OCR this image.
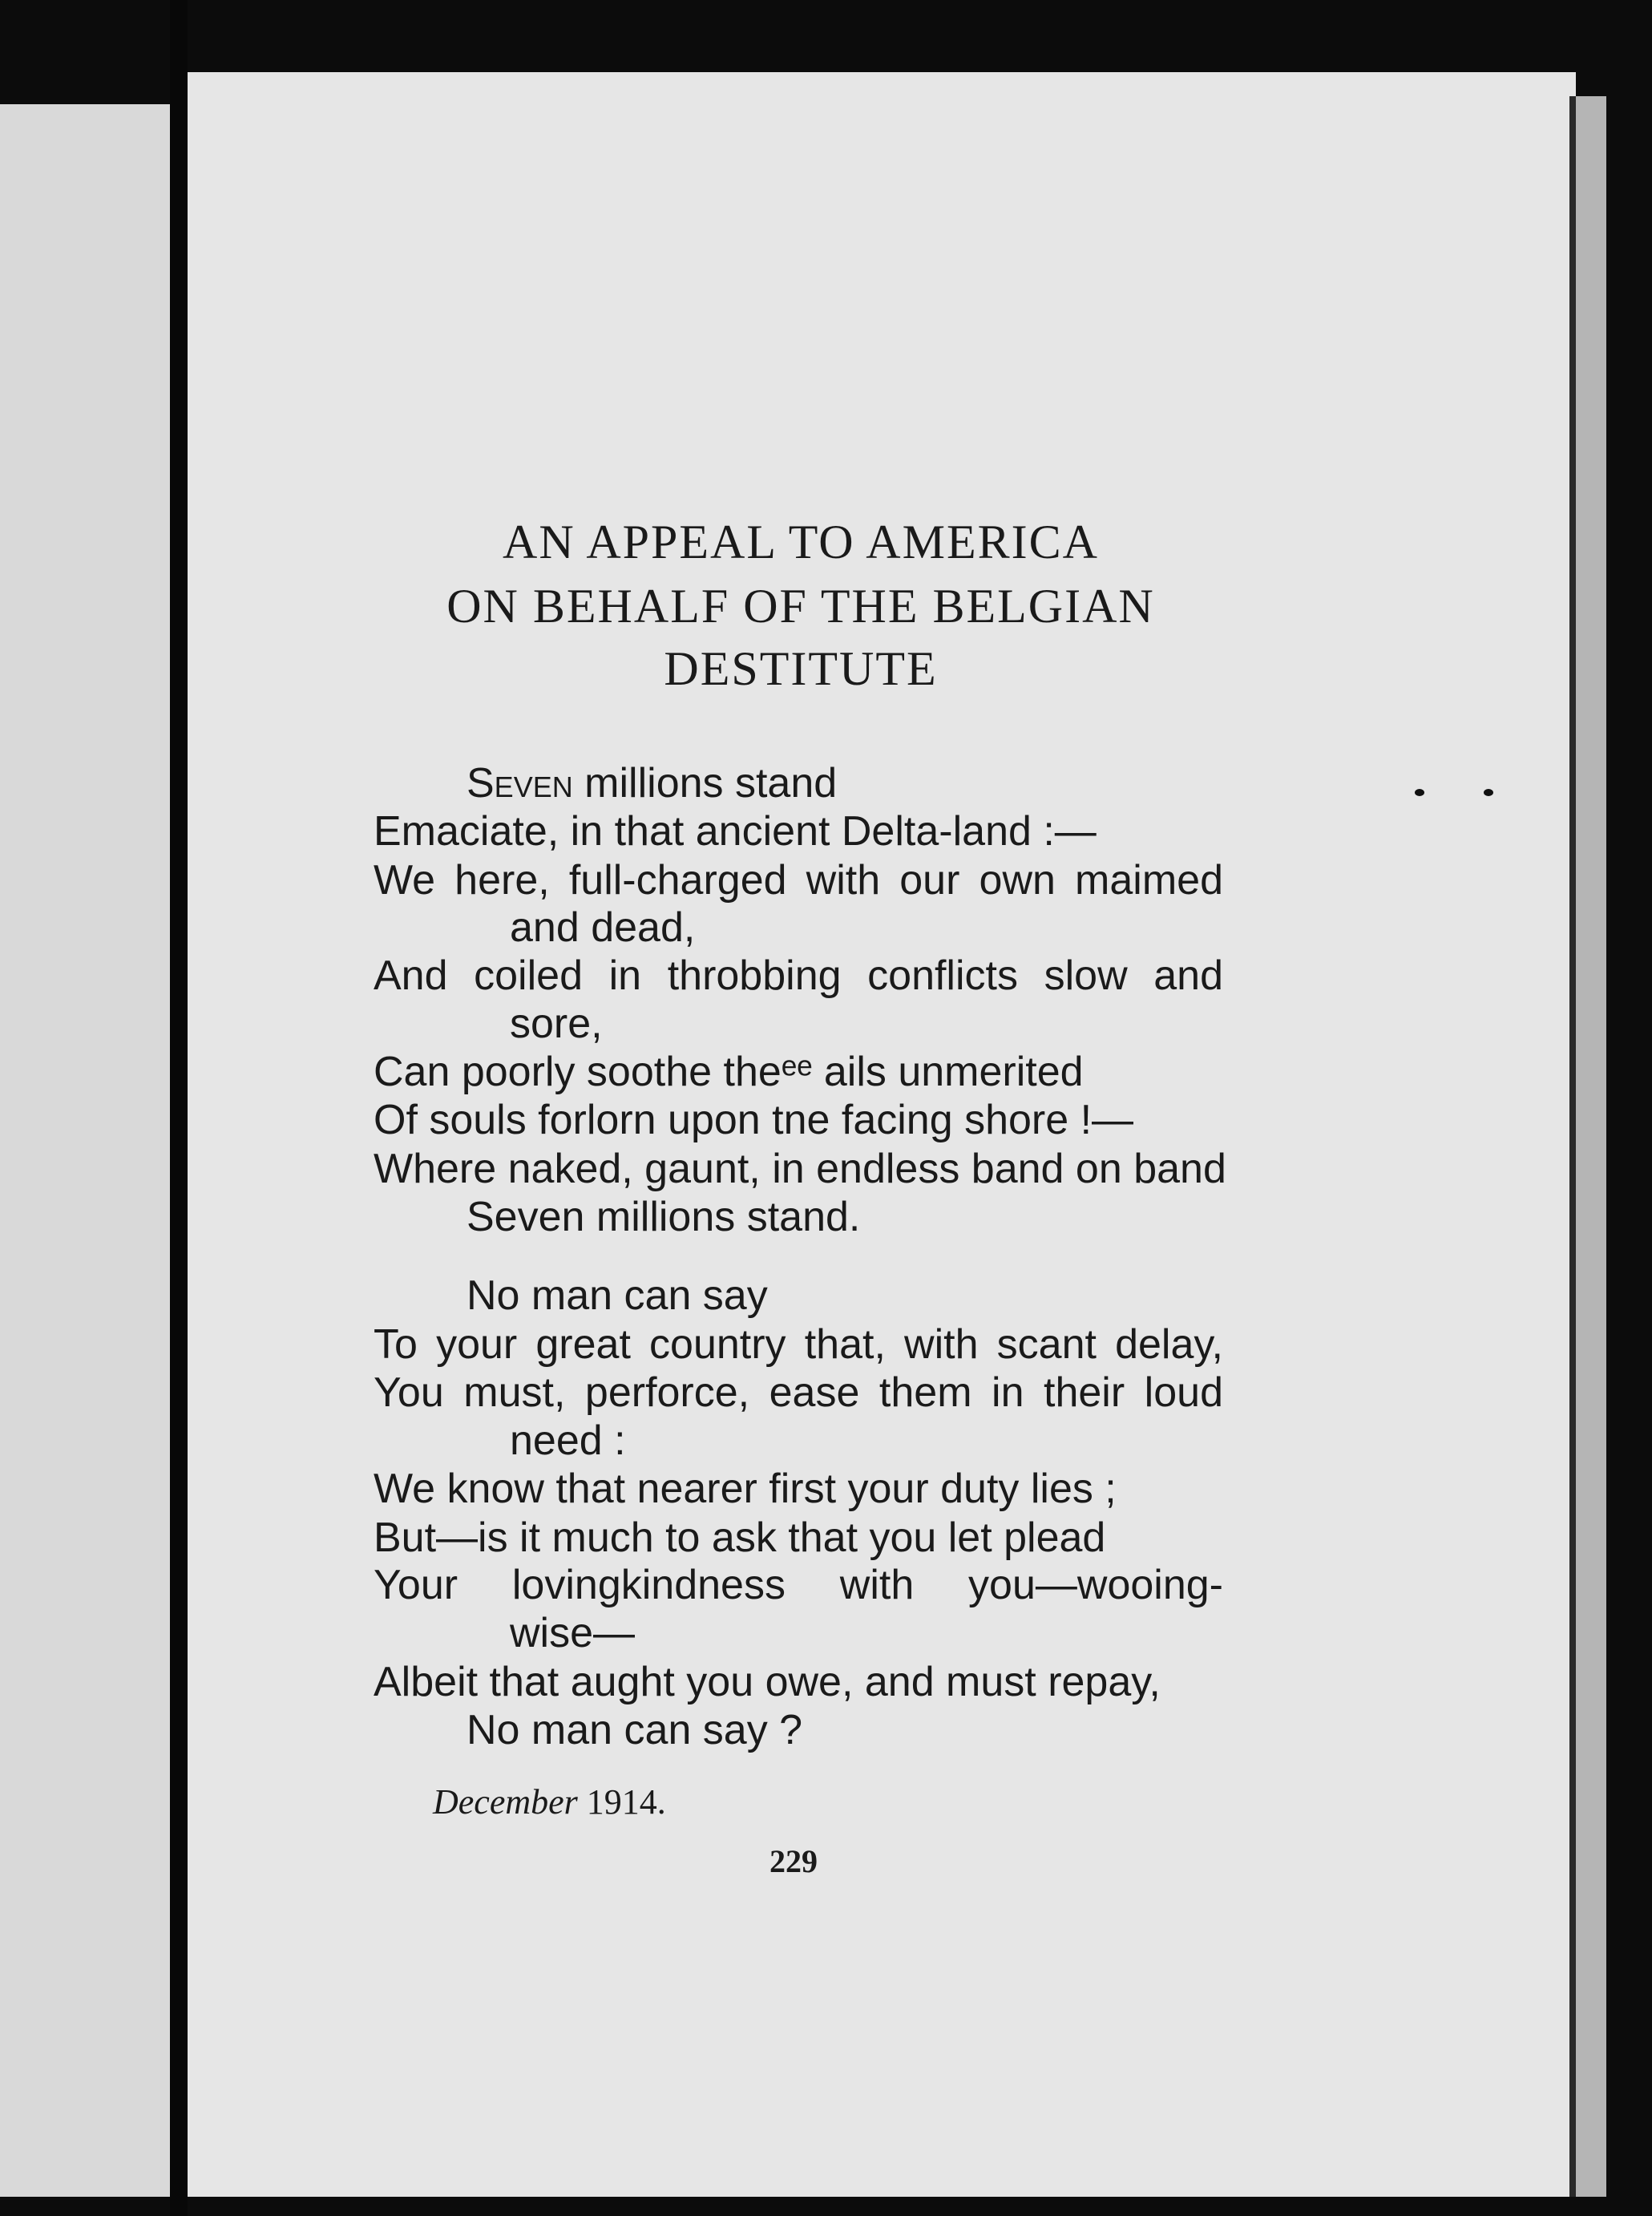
AN APPEAL TO AMERICA
ON BEHALF OF THE BELGIAN
DESTITUTE
Seven millions stand
Emaciate, in that ancient Delta-land :—
We here, full-charged with our own maimed
and dead,
And coiled in throbbing conflicts slow and
sore,
Can poorly soothe theᵉᵉ ails unmerited
Of souls forlorn upon tne facing shore !—
Where naked, gaunt, in endless band on band
Seven millions stand.
No man can say
To your great country that, with scant delay,
You must, perforce, ease them in their loud
need :
We know that nearer first your duty lies ;
But—is it much to ask that you let plead
Your lovingkindness with you—wooing-
wise—
Albeit that aught you owe, and must repay,
No man can say ?
December 1914.
229
